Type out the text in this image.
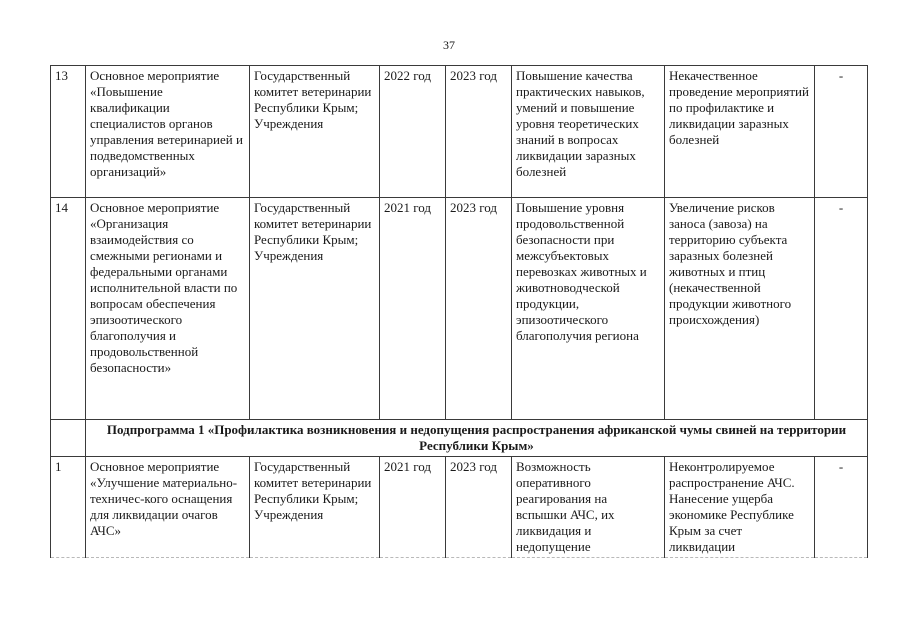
37
13	Основное мероприятие «Повышение квалификации специалистов органов управления ветеринарией и подведомственных организаций»	Государственный комитет ветеринарии Республики Крым; Учреждения	2022 год	2023 год	Повышение качества практических навыков, умений и повышение уровня теоретических знаний в вопросах ликвидации заразных болезней	Некачественное проведение мероприятий по профилактике и ликвидации заразных болезней	-
14	Основное мероприятие «Организация взаимодействия со смежными регионами и федеральными органами исполнительной власти по вопросам обеспечения эпизоотического благополучия и продовольственной безопасности»	Государственный комитет ветеринарии Республики Крым; Учреждения	2021 год	2023 год	Повышение уровня продовольственной безопасности при межсубъектовых перевозках животных и животноводческой продукции, эпизоотического благополучия региона	Увеличение рисков заноса (завоза) на территорию субъекта заразных болезней животных и птиц (некачественной продукции животного происхождения)	-
	Подпрограмма 1 «Профилактика возникновения и недопущения распространения африканской чумы свиней на территории Республики Крым»						
1	Основное мероприятие «Улучшение материально-техничес-кого оснащения для ликвидации очагов АЧС»	Государственный комитет ветеринарии Республики Крым; Учреждения	2021 год	2023 год	Возможность оперативного реагирования на вспышки АЧС, их ликвидация и недопущение	Неконтролируемое распространение АЧС. Нанесение ущерба экономике Республике Крым за счет ликвидации	-
